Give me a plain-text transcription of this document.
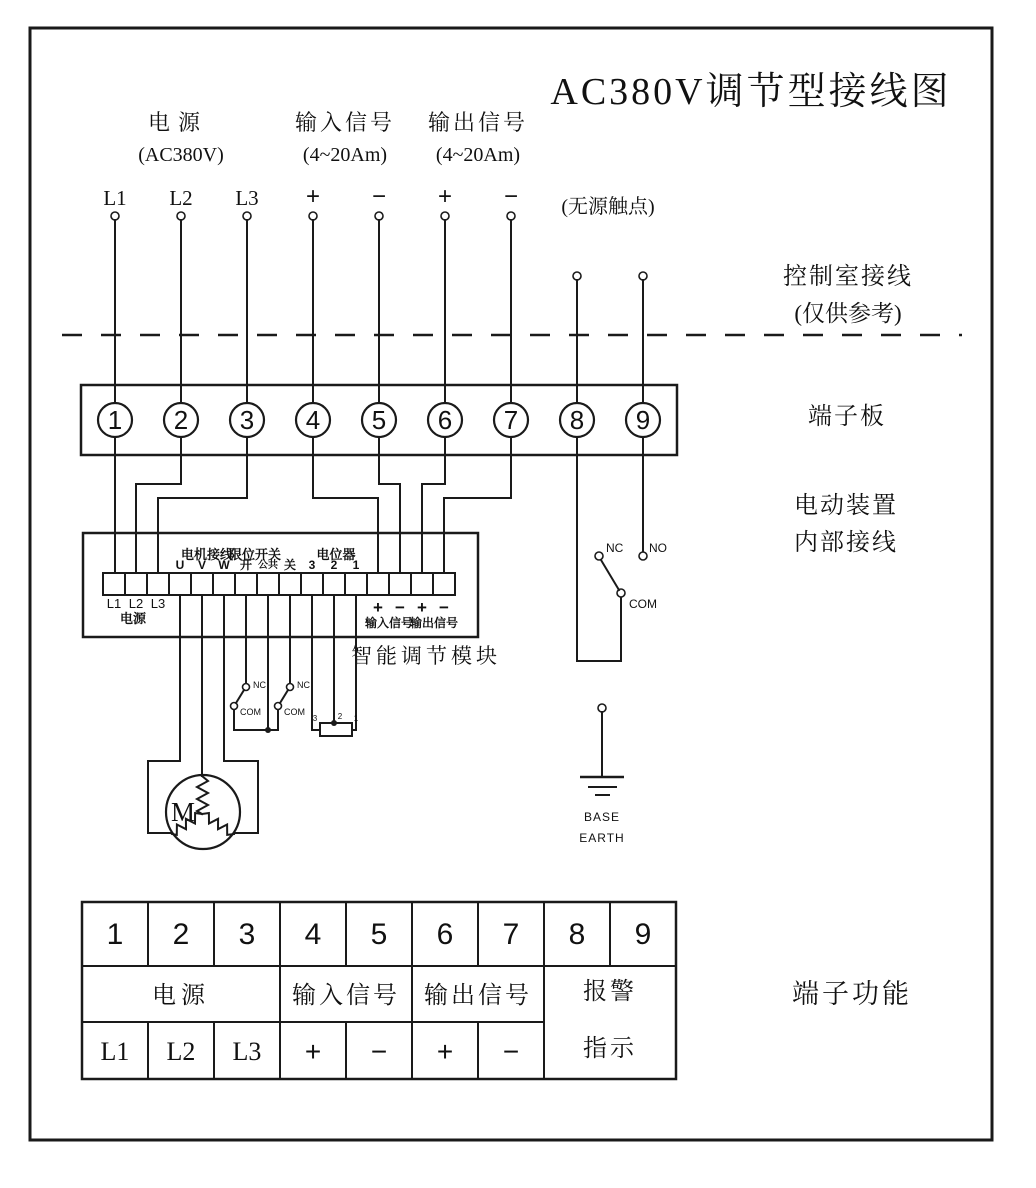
AC380V调节型接线图
电源
(AC380V)
输入信号
(4~20Am)
输出信号
(4~20Am)
(无源触点)
L1 L2 L3 + − + −
控制室接线
(仅供参考)
端子板
电动装置
内部接线
端子功能
1 2 3 4 5 6 7 8 9
电机接线
限位开关	电位器
U V W 开 公共 关 3 2 1
L1 L2 L3
电源
+ − + −
输入信号
输出信号
智能调节模块
NC
COM
NC
COM
3	2 1
M
NC NO
COM
BASE
EARTH
1 2 3 4 5 6 7 8 9
电源	输入信号 输出信号 报警
指示
L1 L2 L3 + − + −
